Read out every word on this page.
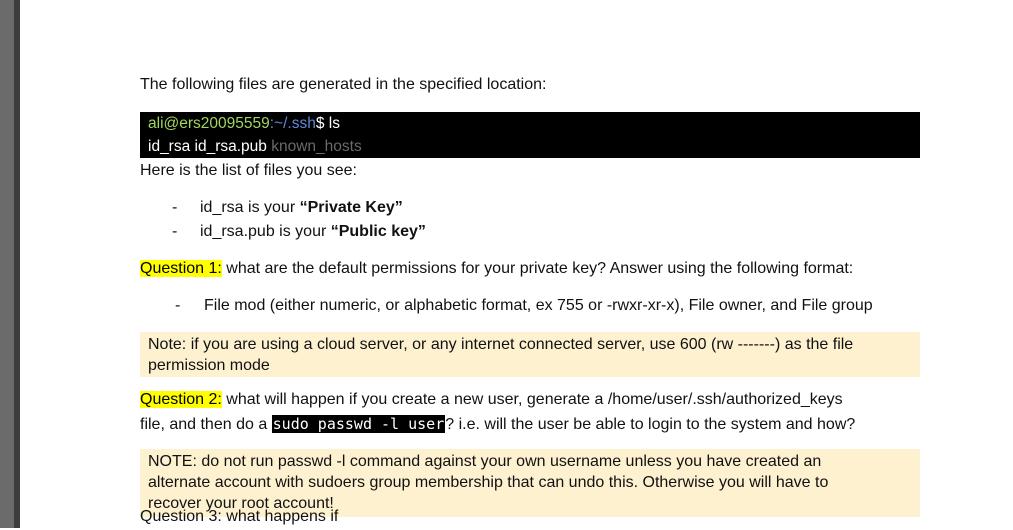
The following files are generated in the specified location:
ali@ers20095559:~/.ssh$ ls
id_rsa id_rsa.pub known_hosts
Here is the list of files you see:
- id_rsa is your “Private Key”
- id_rsa.pub is your “Public key”
Question 1: what are the default permissions for your private key? Answer using the following format:
- File mod (either numeric, or alphabetic format, ex 755 or -rwxr-xr-x), File owner, and File group
Note: if you are using a cloud server, or any internet connected server, use 600 (rw -------) as the file
permission mode
Question 2: what will happen if you create a new user, generate a /home/user/.ssh/authorized_keys
file, and then do a sudo passwd -l user? i.e. will the user be able to login to the system and how?
NOTE: do not run passwd -l command against your own username unless you have created an
alternate account with sudoers group membership that can undo this. Otherwise you will have to
recover your root account!
Question 3: what happens if
